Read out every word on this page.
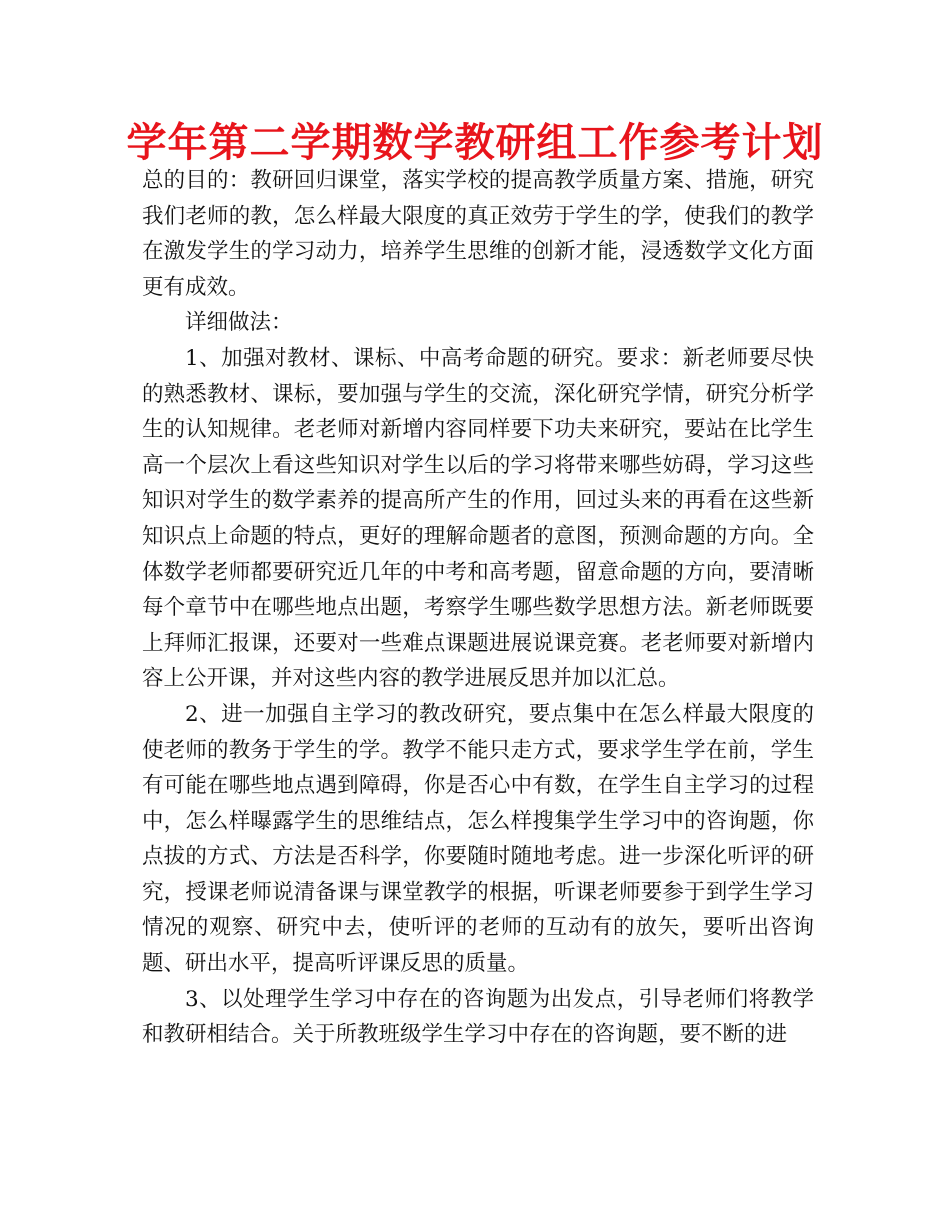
学年第二学期数学教研组工作参考计划

总的目的：教研回归课堂，落实学校的提高教学质量方案、措施，研究我们老师的教，怎么样最大限度的真正效劳于学生的学，使我们的教学在激发学生的学习动力，培养学生思维的创新才能，浸透数学文化方面更有成效。

详细做法：

1、加强对教材、课标、中高考命题的研究。要求：新老师要尽快的熟悉教材、课标，要加强与学生的交流，深化研究学情，研究分析学生的认知规律。老老师对新增内容同样要下功夫来研究，要站在比学生高一个层次上看这些知识对学生以后的学习将带来哪些妨碍，学习这些知识对学生的数学素养的提高所产生的作用，回过头来的再看在这些新知识点上命题的特点，更好的理解命题者的意图，预测命题的方向。全体数学老师都要研究近几年的中考和高考题，留意命题的方向，要清晰每个章节中在哪些地点出题，考察学生哪些数学思想方法。新老师既要上拜师汇报课，还要对一些难点课题进展说课竞赛。老老师要对新增内容上公开课，并对这些内容的教学进展反思并加以汇总。

2、进一加强自主学习的教改研究，要点集中在怎么样最大限度的使老师的教务于学生的学。教学不能只走方式，要求学生学在前，学生有可能在哪些地点遇到障碍，你是否心中有数，在学生自主学习的过程中，怎么样曝露学生的思维结点，怎么样搜集学生学习中的咨询题，你点拔的方式、方法是否科学，你要随时随地考虑。进一步深化听评的研究，授课老师说清备课与课堂教学的根据，听课老师要参于到学生学习情况的观察、研究中去，使听评的老师的互动有的放矢，要听出咨询题、研出水平，提高听评课反思的质量。

3、以处理学生学习中存在的咨询题为出发点，引导老师们将教学和教研相结合。关于所教班级学生学习中存在的咨询题，要不断的进
